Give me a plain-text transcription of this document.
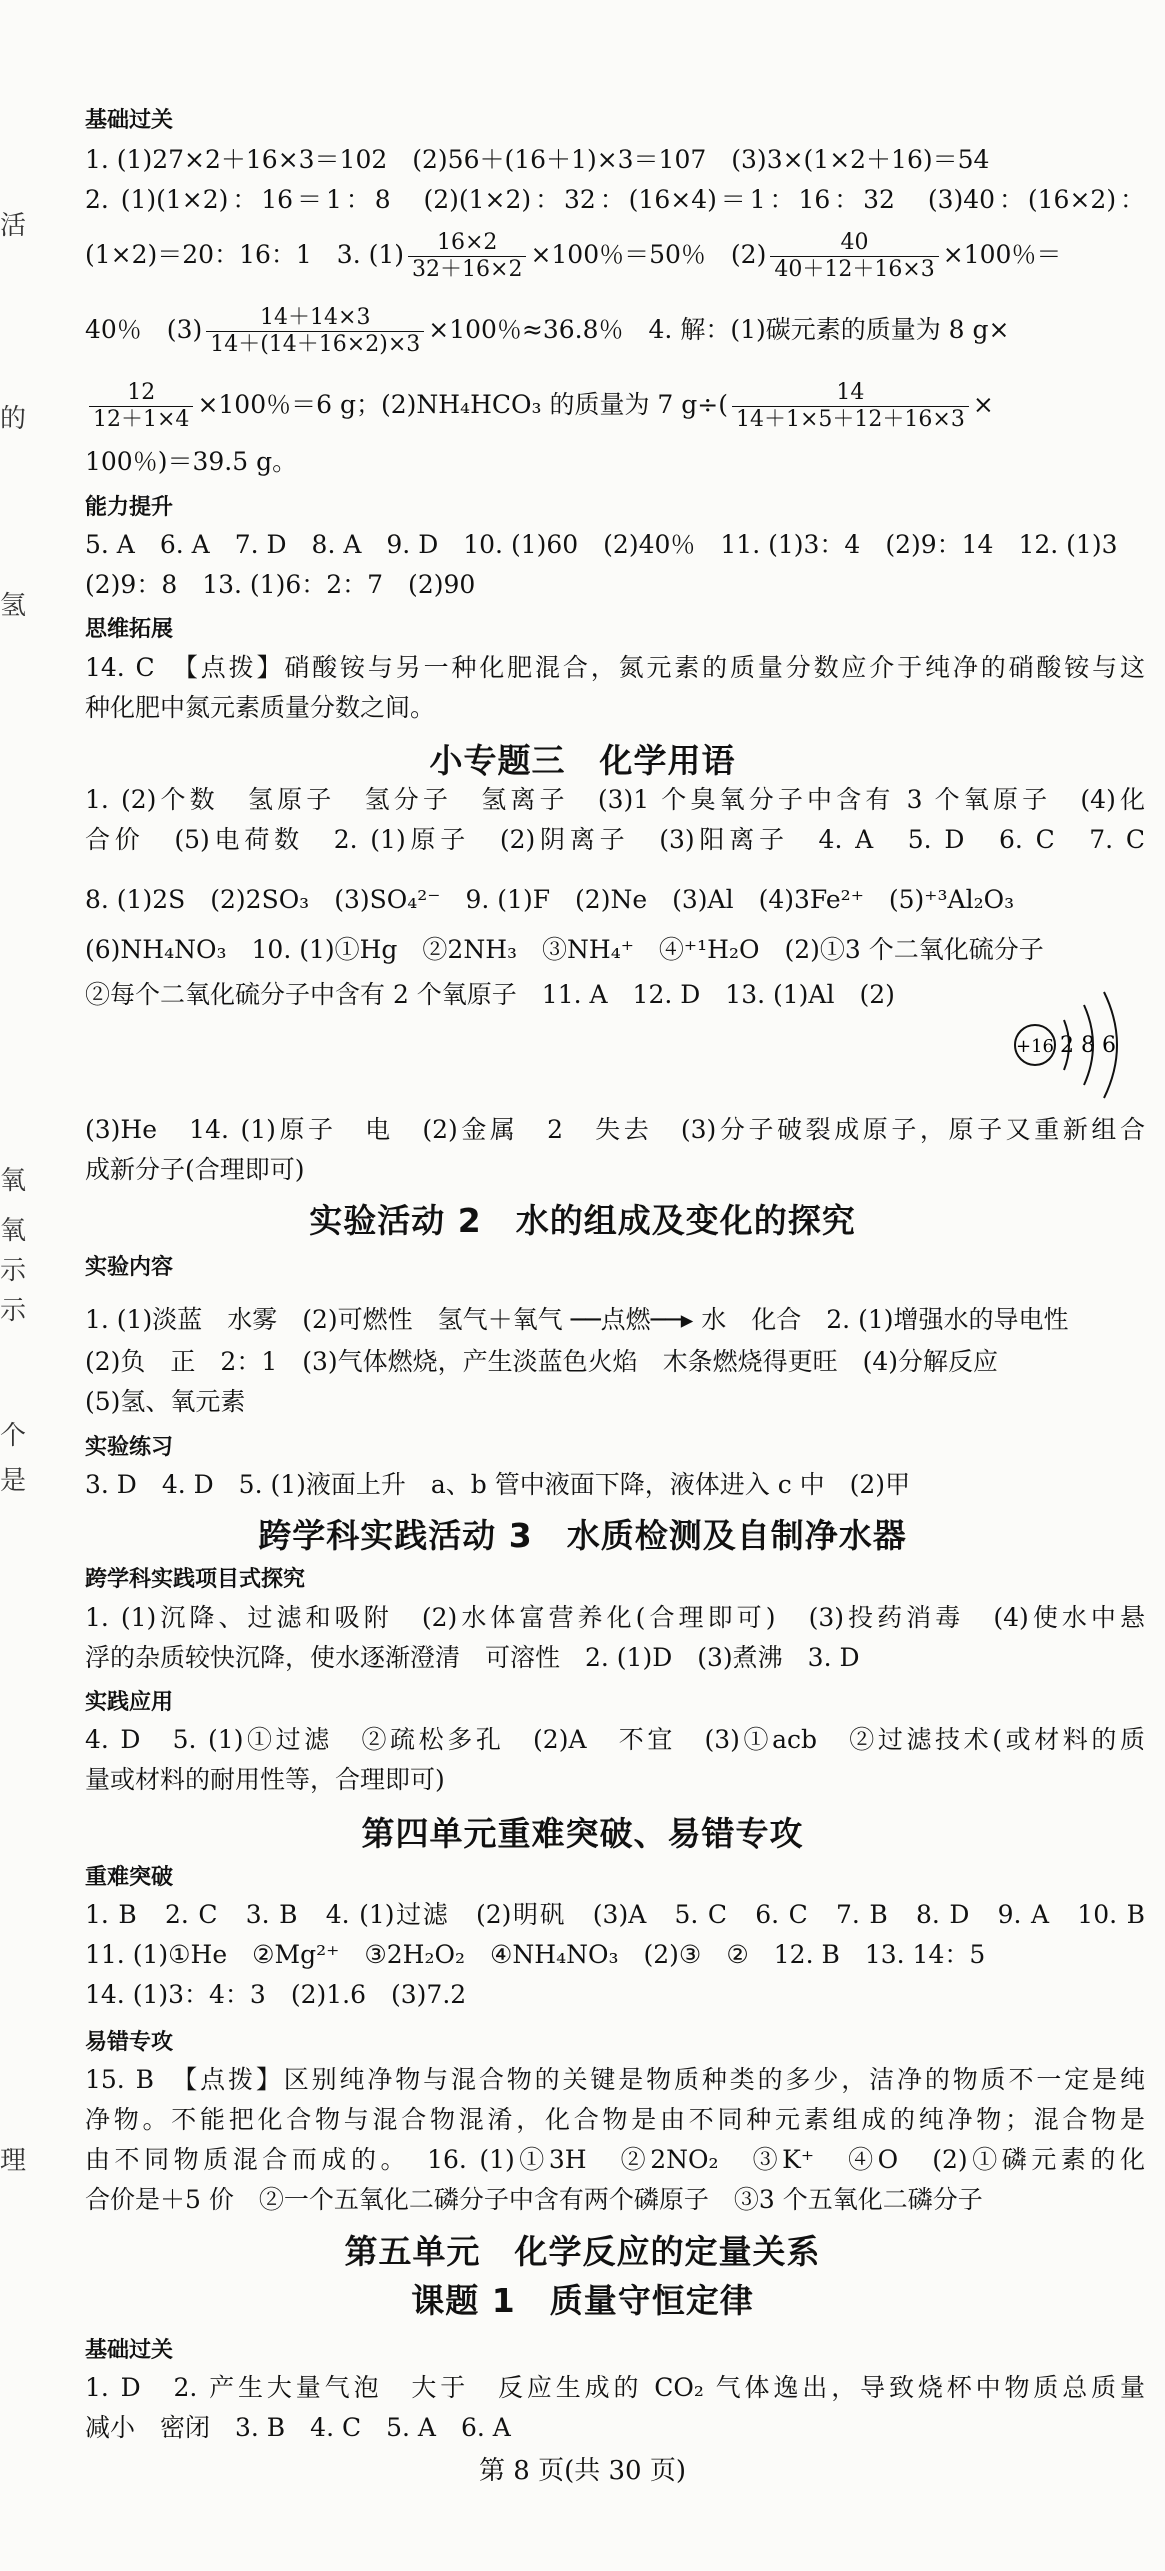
活
的
氢
氧
氧
示
示
个
是
理
基础过关
1. (1)27×2＋16×3＝102　(2)56＋(16＋1)×3＝107　(3)3×(1×2＋16)＝54
2. (1)(1×2)：16＝1：8　(2)(1×2)：32：(16×4)＝1：16：32　(3)40：(16×2)：
(1×2)＝20：16：1　3. $(1) \frac{16\times 2}{32+16\times 2} \times 100$％＝50％　$(2) \frac{40}{40+12+16\times 3} \times 100$％＝
40％　$(3) \frac{14+14\times 3}{14+(14+16\times 2)\times 3} \times 100$％≈36.8％　4. 解：(1)碳元素的质量为 8 g×
$\frac{12}{12+1\times 4} \times 100$％＝6 g；(2)NH₄HCO₃ 的质量为 7 $g\div( \frac{14}{14+1\times 5+12+16\times 3}$ ×
100％)＝39.5 g。
能力提升
5. A　6. A　7. D　8. A　9. D　10. (1)60　(2)40％　11. (1)3：4　(2)9：14　12. (1)3
(2)9：8　13. (1)6：2：7　(2)90
思维拓展
14. C　【点拨】硝酸铵与另一种化肥混合，氮元素的质量分数应介于纯净的硝酸铵与这
种化肥中氮元素质量分数之间。
小专题三　化学用语
1. (2)个数　氢原子　氢分子　氢离子　(3)1 个臭氧分子中含有 3 个氧原子　(4)化
合价　(5)电荷数　2. (1)原子　(2)阴离子　(3)阳离子　4. A　5. D　6. C　7. C
8. (1)2S　(2)2SO₃　(3)SO₄²⁻　9. (1)F　(2)Ne　(3)Al　(4)3Fe²⁺　(5)⁺³Al₂O₃
(6)NH₄NO₃　10. (1)①Hg　②2NH₃　③NH₄⁺　④⁺¹H₂O　(2)①3 个二氧化硫分子
②每个二氧化硫分子中含有 2 个氧原子　11. A　12. D　13. (1)Al　(2)
+16 2 8 6
(3)He　14. (1)原子　电　(2)金属　2　失去　(3)分子破裂成原子，原子又重新组合
成新分子(合理即可)
实验活动 2　水的组成及变化的探究
实验内容
1. (1)淡蓝　水雾　(2)可燃性　氢气＋氧气 ──点燃──▸ 水　化合　2. (1)增强水的导电性
(2)负　正　2：1　(3)气体燃烧，产生淡蓝色火焰　木条燃烧得更旺　(4)分解反应
(5)氢、氧元素
实验练习
3. D　4. D　5. (1)液面上升　a、b 管中液面下降，液体进入 c 中　(2)甲
跨学科实践活动 3　水质检测及自制净水器
跨学科实践项目式探究
1. (1)沉降、过滤和吸附　(2)水体富营养化(合理即可)　(3)投药消毒　(4)使水中悬
浮的杂质较快沉降，使水逐渐澄清　可溶性　2. (1)D　(3)煮沸　3. D
实践应用
4. D　5. (1)①过滤　②疏松多孔　(2)A　不宜　(3)①acb　②过滤技术(或材料的质
量或材料的耐用性等，合理即可)
第四单元重难突破、易错专攻
重难突破
1. B　2. C　3. B　4. (1)过滤　(2)明矾　(3)A　5. C　6. C　7. B　8. D　9. A　10. B
11. (1)①He　②Mg²⁺　③2H₂O₂　④NH₄NO₃　(2)③　②　12. B　13. 14：5
14. (1)3：4：3　(2)1.6　(3)7.2
易错专攻
15. B　【点拨】区别纯净物与混合物的关键是物质种类的多少，洁净的物质不一定是纯
净物。不能把化合物与混合物混淆，化合物是由不同种元素组成的纯净物；混合物是
由不同物质混合而成的。　16. (1)①3H　②2NO₂　③K⁺　④O　(2)①磷元素的化
合价是＋5 价　②一个五氧化二磷分子中含有两个磷原子　③3 个五氧化二磷分子
第五单元　化学反应的定量关系
课题 1　质量守恒定律
基础过关
1. D　2. 产生大量气泡　大于　反应生成的 CO₂ 气体逸出，导致烧杯中物质总质量
减小　密闭　3. B　4. C　5. A　6. A
第 8 页(共 30 页)
